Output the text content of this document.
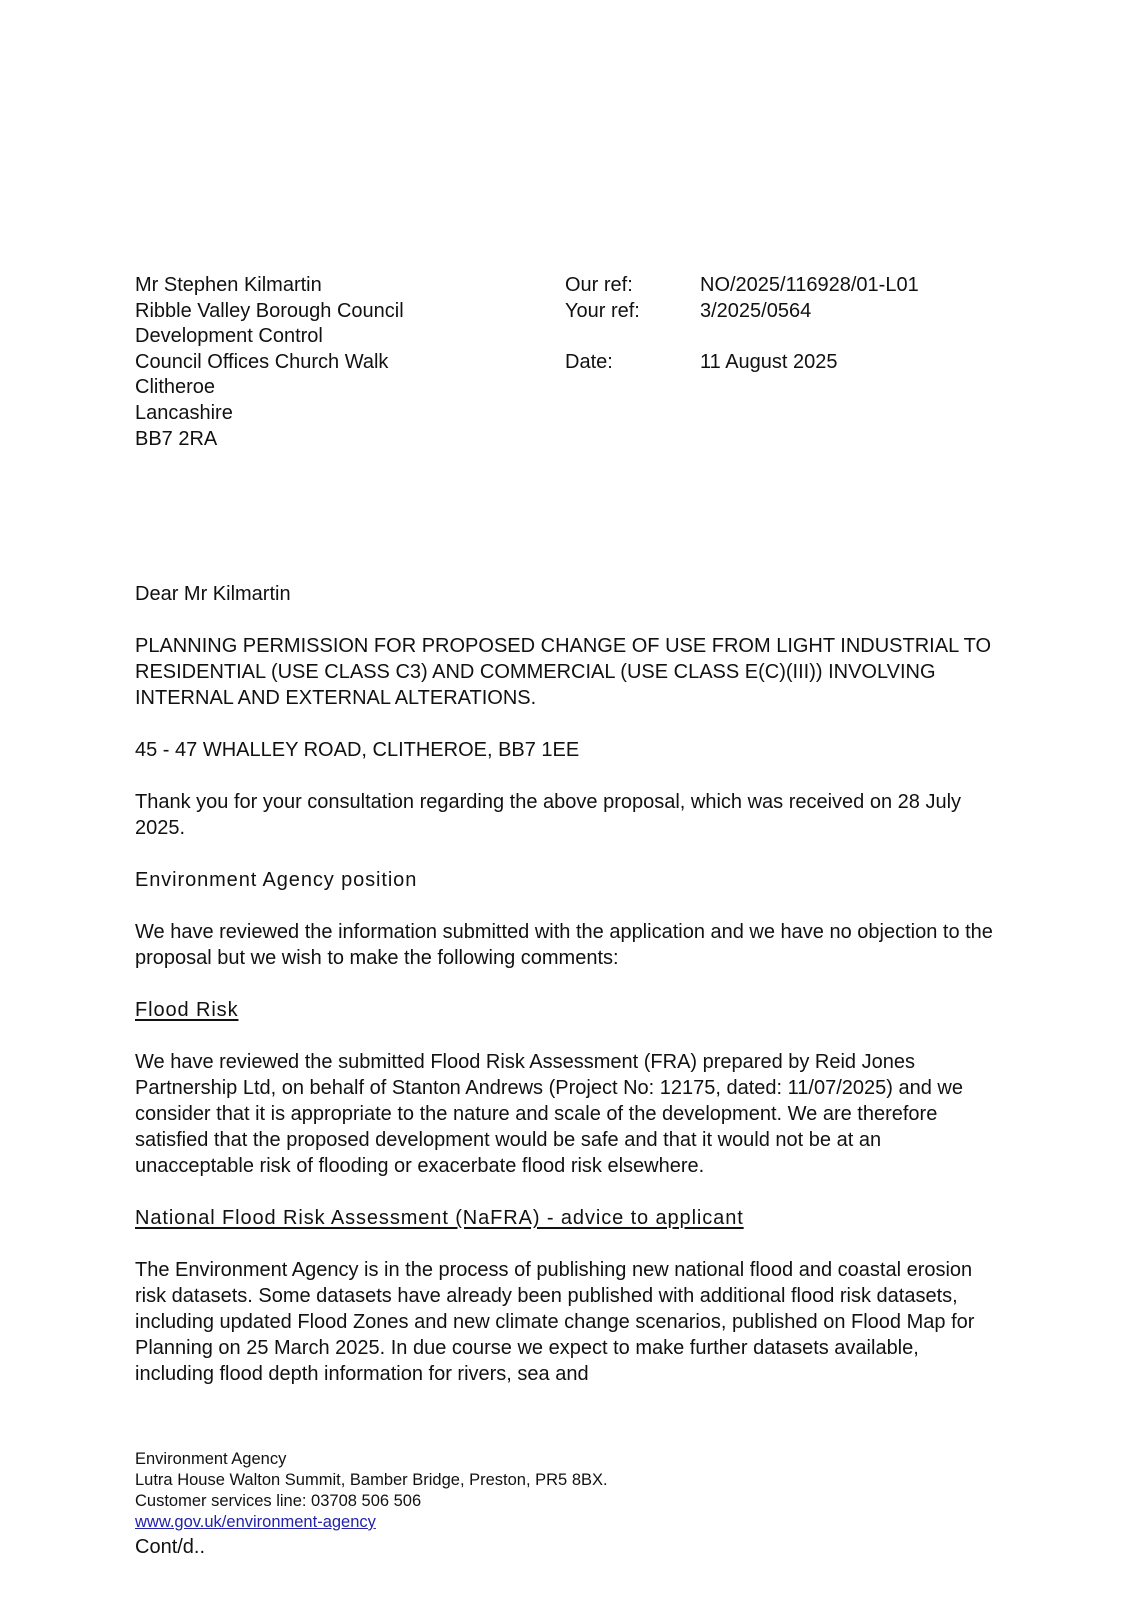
Mr Stephen Kilmartin
Ribble Valley Borough Council
Development Control
Council Offices Church Walk
Clitheroe
Lancashire
BB7 2RA
Our ref:	NO/2025/116928/01-L01
Your ref:	3/2025/0564
Date:	11 August 2025

Dear Mr Kilmartin

PLANNING PERMISSION FOR PROPOSED CHANGE OF USE FROM LIGHT INDUSTRIAL TO RESIDENTIAL (USE CLASS C3) AND COMMERCIAL (USE CLASS E(C)(III)) INVOLVING INTERNAL AND EXTERNAL ALTERATIONS.

45 - 47 WHALLEY ROAD, CLITHEROE, BB7 1EE

Thank you for your consultation regarding the above proposal, which was received on 28 July 2025.

Environment Agency position

We have reviewed the information submitted with the application and we have no objection to the proposal but we wish to make the following comments:

Flood Risk

We have reviewed the submitted Flood Risk Assessment (FRA) prepared by Reid Jones Partnership Ltd, on behalf of Stanton Andrews (Project No: 12175, dated: 11/07/2025) and we consider that it is appropriate to the nature and scale of the development. We are therefore satisfied that the proposed development would be safe and that it would not be at an unacceptable risk of flooding or exacerbate flood risk elsewhere.

National Flood Risk Assessment (NaFRA) - advice to applicant

The Environment Agency is in the process of publishing new national flood and coastal erosion risk datasets. Some datasets have already been published with additional flood risk datasets, including updated Flood Zones and new climate change scenarios, published on Flood Map for Planning on 25 March 2025. In due course we expect to make further datasets available, including flood depth information for rivers, sea and

Environment Agency
Lutra House Walton Summit, Bamber Bridge, Preston, PR5 8BX.
Customer services line: 03708 506 506
www.gov.uk/environment-agency
Cont/d..
